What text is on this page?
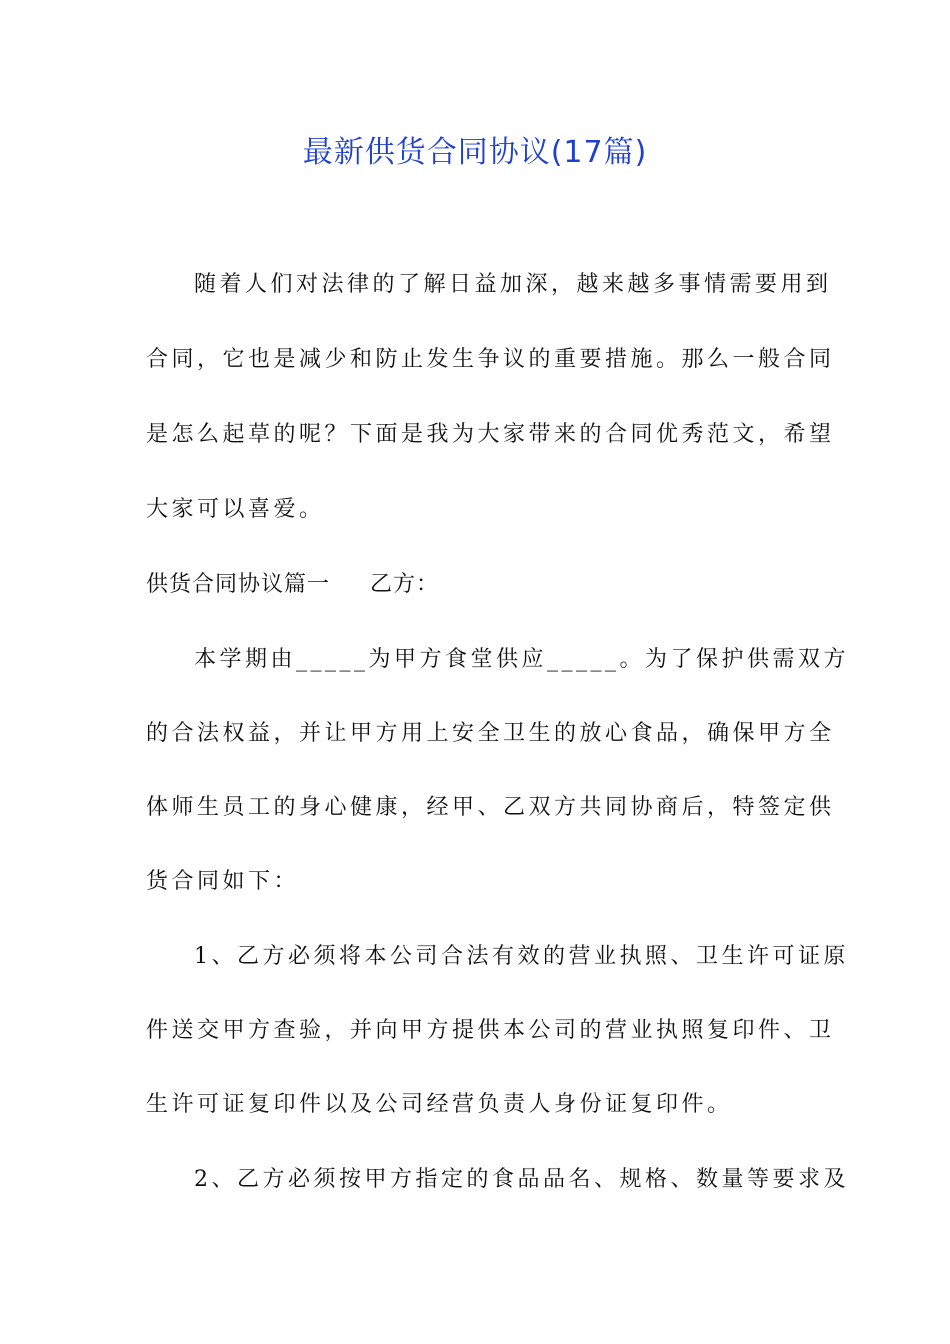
最新供货合同协议(17篇)
随着人们对法律的了解日益加深，越来越多事情需要用到
合同，它也是减少和防止发生争议的重要措施。那么一般合同
是怎么起草的呢？下面是我为大家带来的合同优秀范文，希望
大家可以喜爱。
供货合同协议篇一 乙方：
本学期由_____为甲方食堂供应_____。为了保护供需双方
的合法权益，并让甲方用上安全卫生的放心食品，确保甲方全
体师生员工的身心健康，经甲、乙双方共同协商后，特签定供
货合同如下：
1、乙方必须将本公司合法有效的营业执照、卫生许可证原
件送交甲方查验，并向甲方提供本公司的营业执照复印件、卫
生许可证复印件以及公司经营负责人身份证复印件。
2、乙方必须按甲方指定的食品品名、规格、数量等要求及
